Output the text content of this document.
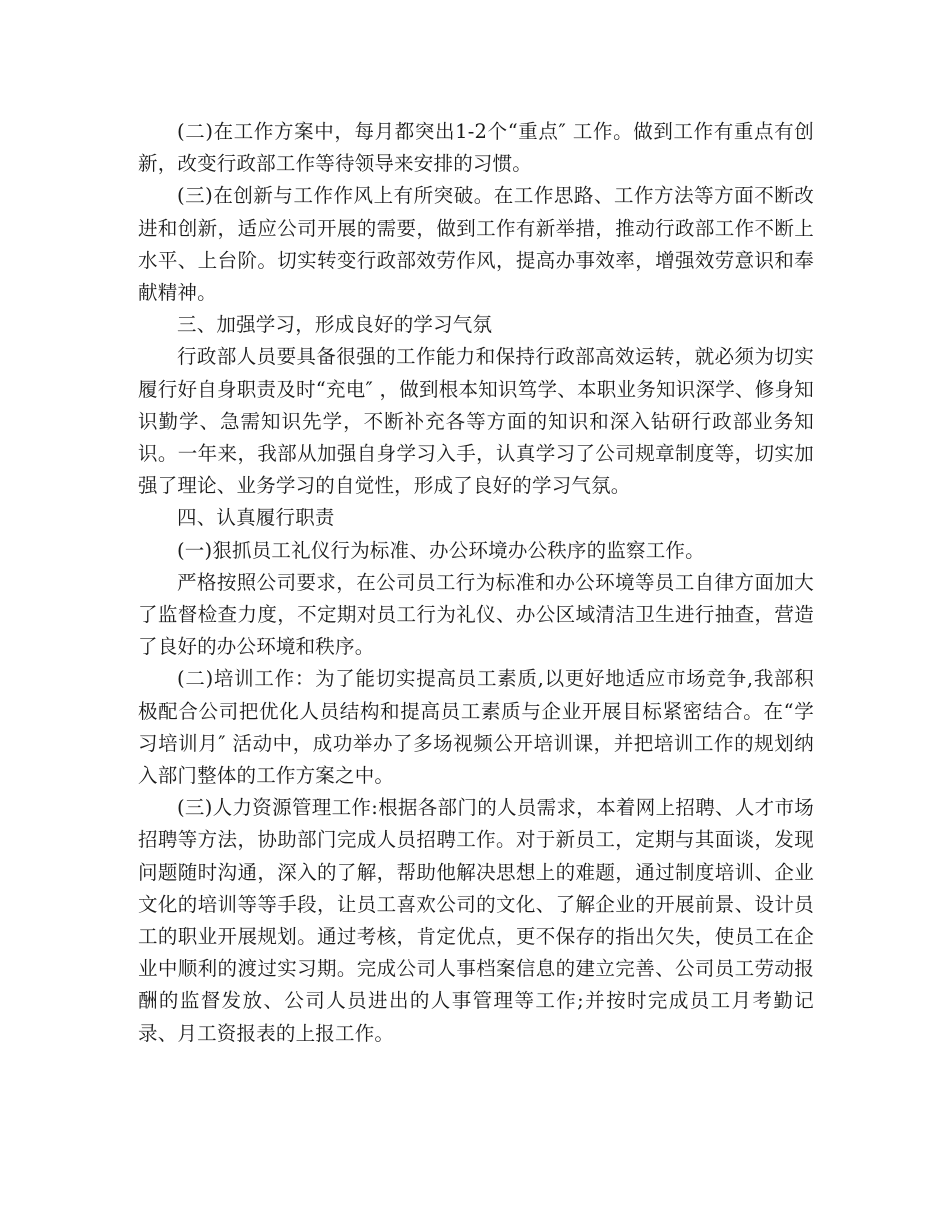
(二)在工作方案中，每月都突出1-2个“重点″ 工作。做到工作有重点有创新，改变行政部工作等待领导来安排的习惯。

(三)在创新与工作作风上有所突破。在工作思路、工作方法等方面不断改进和创新，适应公司开展的需要，做到工作有新举措，推动行政部工作不断上水平、上台阶。切实转变行政部效劳作风，提高办事效率，增强效劳意识和奉献精神。

三、加强学习，形成良好的学习气氛

行政部人员要具备很强的工作能力和保持行政部高效运转，就必须为切实履行好自身职责及时“充电″ ，做到根本知识笃学、本职业务知识深学、修身知识勤学、急需知识先学，不断补充各等方面的知识和深入钻研行政部业务知识。一年来，我部从加强自身学习入手，认真学习了公司规章制度等，切实加强了理论、业务学习的自觉性，形成了良好的学习气氛。

四、认真履行职责

(一)狠抓员工礼仪行为标准、办公环境办公秩序的监察工作。

严格按照公司要求，在公司员工行为标准和办公环境等员工自律方面加大了监督检查力度，不定期对员工行为礼仪、办公区域清洁卫生进行抽查，营造了良好的办公环境和秩序。

(二)培训工作：为了能切实提高员工素质,以更好地适应市场竞争,我部积极配合公司把优化人员结构和提高员工素质与企业开展目标紧密结合。在“学习培训月″ 活动中，成功举办了多场视频公开培训课，并把培训工作的规划纳入部门整体的工作方案之中。

(三)人力资源管理工作:根据各部门的人员需求，本着网上招聘、人才市场招聘等方法，协助部门完成人员招聘工作。对于新员工，定期与其面谈，发现问题随时沟通，深入的了解，帮助他解决思想上的难题，通过制度培训、企业文化的培训等等手段，让员工喜欢公司的文化、了解企业的开展前景、设计员工的职业开展规划。通过考核，肯定优点，更不保存的指出欠失，使员工在企业中顺利的渡过实习期。完成公司人事档案信息的建立完善、公司员工劳动报酬的监督发放、公司人员进出的人事管理等工作;并按时完成员工月考勤记录、月工资报表的上报工作。
